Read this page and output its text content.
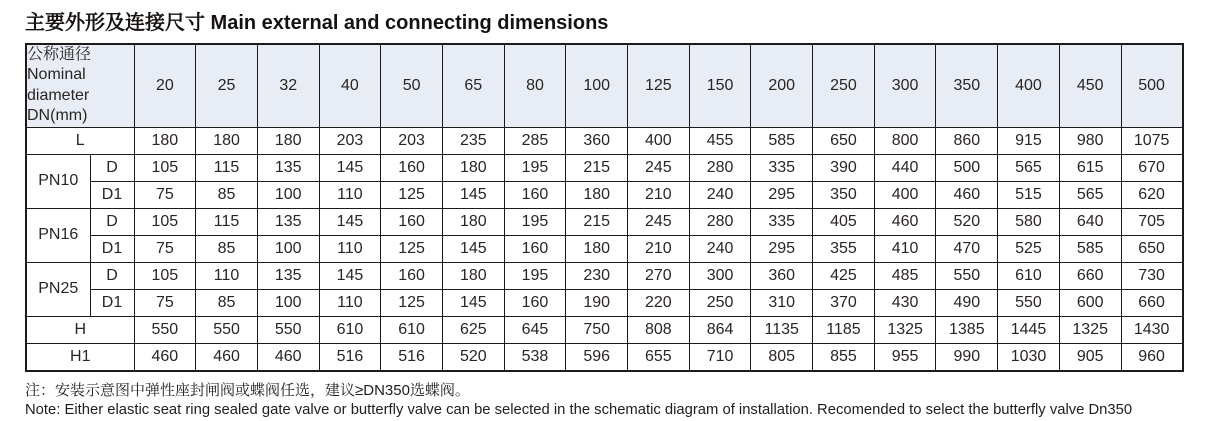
主要外形及连接尺寸 Main external and connecting dimensions
公称通径
Nominal
diameter
DN(mm)		20	25	32	40	50	65	80	100	125	150	200	250	300	350	400	450	500
L		180	180	180	203	203	235	285	360	400	455	585	650	800	860	915	980	1075
PN10	D	105	115	135	145	160	180	195	215	245	280	335	390	440	500	565	615	670
	D1	75	85	100	110	125	145	160	180	210	240	295	350	400	460	515	565	620
PN16	D	105	115	135	145	160	180	195	215	245	280	335	405	460	520	580	640	705
	D1	75	85	100	110	125	145	160	180	210	240	295	355	410	470	525	585	650
PN25	D	105	110	135	145	160	180	195	230	270	300	360	425	485	550	610	660	730
	D1	75	85	100	110	125	145	160	190	220	250	310	370	430	490	550	600	660
H		550	550	550	610	610	625	645	750	808	864	1135	1185	1325	1385	1445	1325	1430
H1		460	460	460	516	516	520	538	596	655	710	805	855	955	990	1030	905	960
注：安装示意图中弹性座封闸阀或蝶阀任选，建议≥DN350选蝶阀。
Note: Either elastic seat ring sealed gate valve or butterfly valve can be selected in the schematic diagram of installation. Recomended to select the butterfly valve Dn350
